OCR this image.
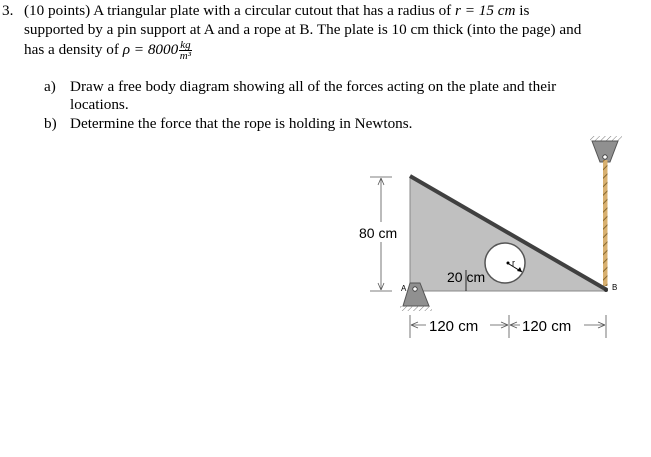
3. (10 points) A triangular plate with a circular cutout that has a radius of r = 15 cm is
supported by a pin support at A and a rope at B. The plate is 10 cm thick (into the page) and
has a density of $\rho = 8000 \frac{kg}{\text{m³}}$
a) Draw a free body diagram showing all of the forces acting on the plate and their
locations.
b) Determine the force that the rope is holding in Newtons.
r
20 cm
80 cm
A	B
120 cm	120 cm
